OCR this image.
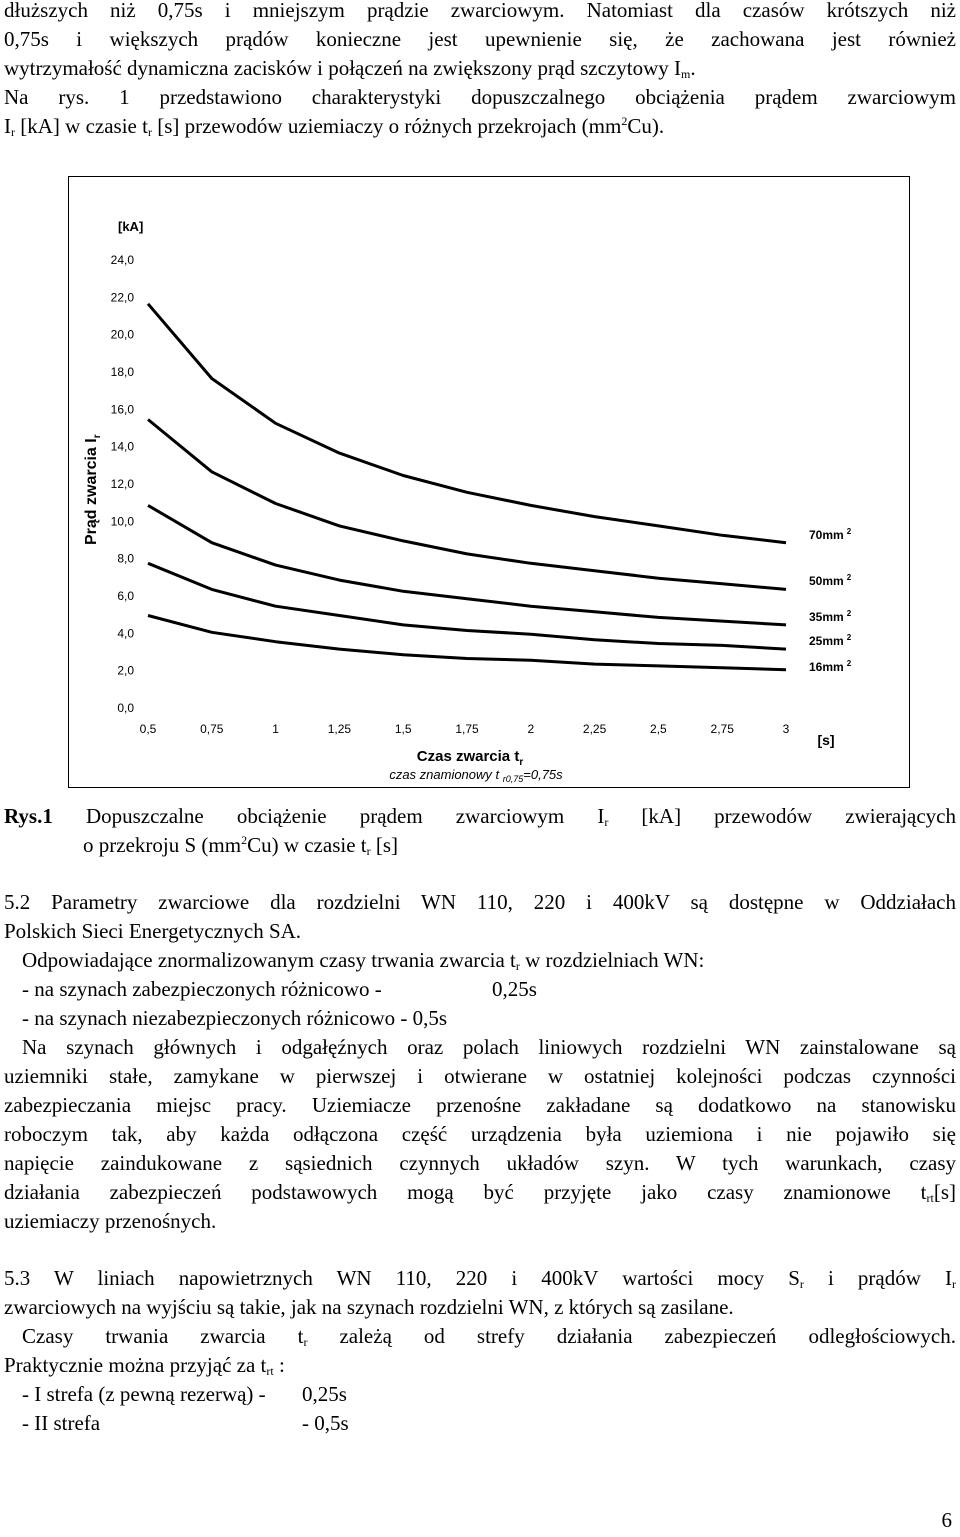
dłuższych niż 0,75s i mniejszym prądzie zwarciowym. Natomiast dla czasów krótszych niż
0,75s i większych prądów konieczne jest upewnienie się, że zachowana jest również
wytrzymałość dynamiczna zacisków i połączeń na zwiększony prąd szczytowy $I_m$.
Na rys. 1 przedstawiono charakterystyki dopuszczalnego obciążenia prądem zwarciowym
$I_r$ [kA] w czasie $t_r$ [s] przewodów uziemiaczy o różnych przekrojach $(mm^2Cu)$.
0,0
2,0
4,0
6,0
8,0
10,0
12,0
14,0
16,0
18,0
20,0
22,0
24,0
0,5	0,75	1	1,25	1,5	1,75	2	2,25	2,5	2,75	3
70mm $^2$
50mm $^2$
35mm $^2$
25mm $^2$
16mm $^2$
[kA]
[s]
Prąd zwarcia $I_r$
Czas zwarcia $t_r$
czas znamionowy t $_{r0,75}$=0,75s
Rys.1 Dopuszczalne obciążenie prądem zwarciowym $I_r$ [kA] przewodów zwierających
o przekroju S $(mm^2Cu)$ w czasie $t_r$ [s]
5.2 Parametry zwarciowe dla rozdzielni WN 110, 220 i 400kV są dostępne w Oddziałach
Polskich Sieci Energetycznych SA.
Odpowiadające znormalizowanym czasy trwania zwarcia $t_r$ w rozdzielniach WN:
- na szynach zabezpieczonych różnicowo -	0,25s
- na szynach niezabezpieczonych różnicowo - 0,5s
Na szynach głównych i odgałęźnych oraz polach liniowych rozdzielni WN zainstalowane są
uziemniki stałe, zamykane w pierwszej i otwierane w ostatniej kolejności podczas czynności
zabezpieczania miejsc pracy. Uziemiacze przenośne zakładane są dodatkowo na stanowisku
roboczym tak, aby każda odłączona część urządzenia była uziemiona i nie pojawiło się
napięcie zaindukowane z sąsiednich czynnych układów szyn. W tych warunkach, czasy
działania zabezpieczeń podstawowych mogą być przyjęte jako czasy znamionowe $t_{rt}[s]$
uziemiaczy przenośnych.
5.3 W liniach napowietrznych WN 110, 220 i 400kV wartości mocy $S_r$ i prądów $I_r$
zwarciowych na wyjściu są takie, jak na szynach rozdzielni WN, z których są zasilane.
Czasy trwania zwarcia $t_r$ zależą od strefy działania zabezpieczeń odległościowych.
Praktycznie można przyjąć za $t_{rt}$ :
- I strefa (z pewną rezerwą) - 0,25s
- II strefa	- 0,5s
6
